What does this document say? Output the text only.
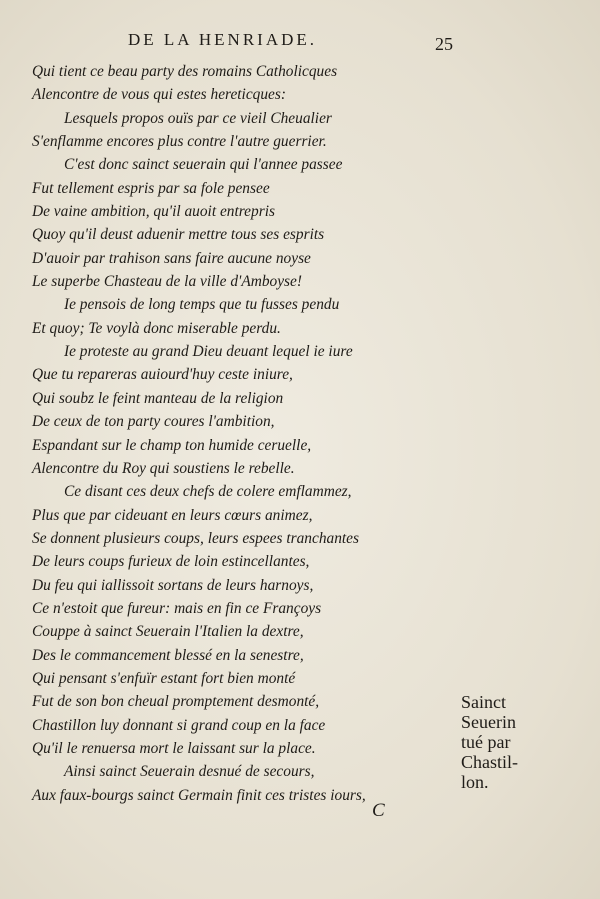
DE LA HENRIADE.	25
Qui tient ce beau party des romains Catholicques
Alencontre de vous qui estes hereticques:
Lesquels propos ouïs par ce vieil Cheualier
S'enflamme encores plus contre l'autre guerrier.
C'est donc sainct seuerain qui l'annee passee
Fut tellement espris par sa fole pensee
De vaine ambition, qu'il auoit entrepris
Quoy qu'il deust aduenir mettre tous ses esprits
D'auoir par trahison sans faire aucune noyse
Le superbe Chasteau de la ville d'Amboyse!
Ie pensois de long temps que tu fusses pendu
Et quoy; Te voylà donc miserable perdu.
Ie proteste au grand Dieu deuant lequel ie iure
Que tu repareras auiourd'huy ceste iniure,
Qui soubz le feint manteau de la religion
De ceux de ton party coures l'ambition,
Espandant sur le champ ton humide ceruelle,
Alencontre du Roy qui soustiens le rebelle.
Ce disant ces deux chefs de colere emflammez,
Plus que par cideuant en leurs cœurs animez,
Se donnent plusieurs coups, leurs espees tranchantes
De leurs coups furieux de loin estincellantes,
Du feu qui iallissoit sortans de leurs harnoys,
Ce n'estoit que fureur: mais en fin ce Françoys
Couppe à sainct Seuerain l'Italien la dextre,
Des le commancement blessé en la senestre,
Qui pensant s'enfuïr estant fort bien monté
Fut de son bon cheual promptement desmonté,
Chastillon luy donnant si grand coup en la face
Qu'il le renuersa mort le laissant sur la place.
Ainsi sainct Seuerain desnué de secours,
Aux faux-bourgs sainct Germain finit ces tristes iours,
Sainct
Seuerin
tué par
Chastil-
lon.
C
